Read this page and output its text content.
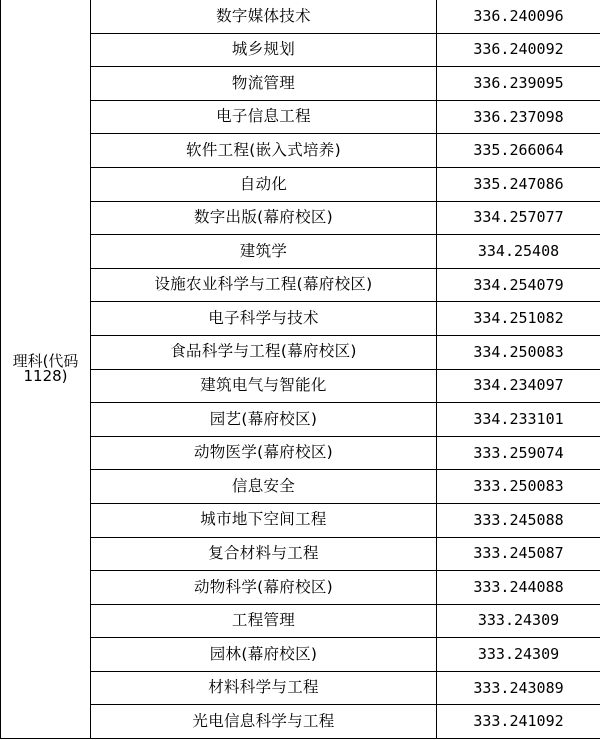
理科(代码1128)	数字媒体技术	336.240096
	城乡规划	336.240092
	物流管理	336.239095
	电子信息工程	336.237098
	软件工程(嵌入式培养)	335.266064
	自动化	335.247086
	数字出版(幕府校区)	334.257077
	建筑学	334.25408
	设施农业科学与工程(幕府校区)	334.254079
	电子科学与技术	334.251082
	食品科学与工程(幕府校区)	334.250083
	建筑电气与智能化	334.234097
	园艺(幕府校区)	334.233101
	动物医学(幕府校区)	333.259074
	信息安全	333.250083
	城市地下空间工程	333.245088
	复合材料与工程	333.245087
	动物科学(幕府校区)	333.244088
	工程管理	333.24309
	园林(幕府校区)	333.24309
	材料科学与工程	333.243089
	光电信息科学与工程	333.241092
